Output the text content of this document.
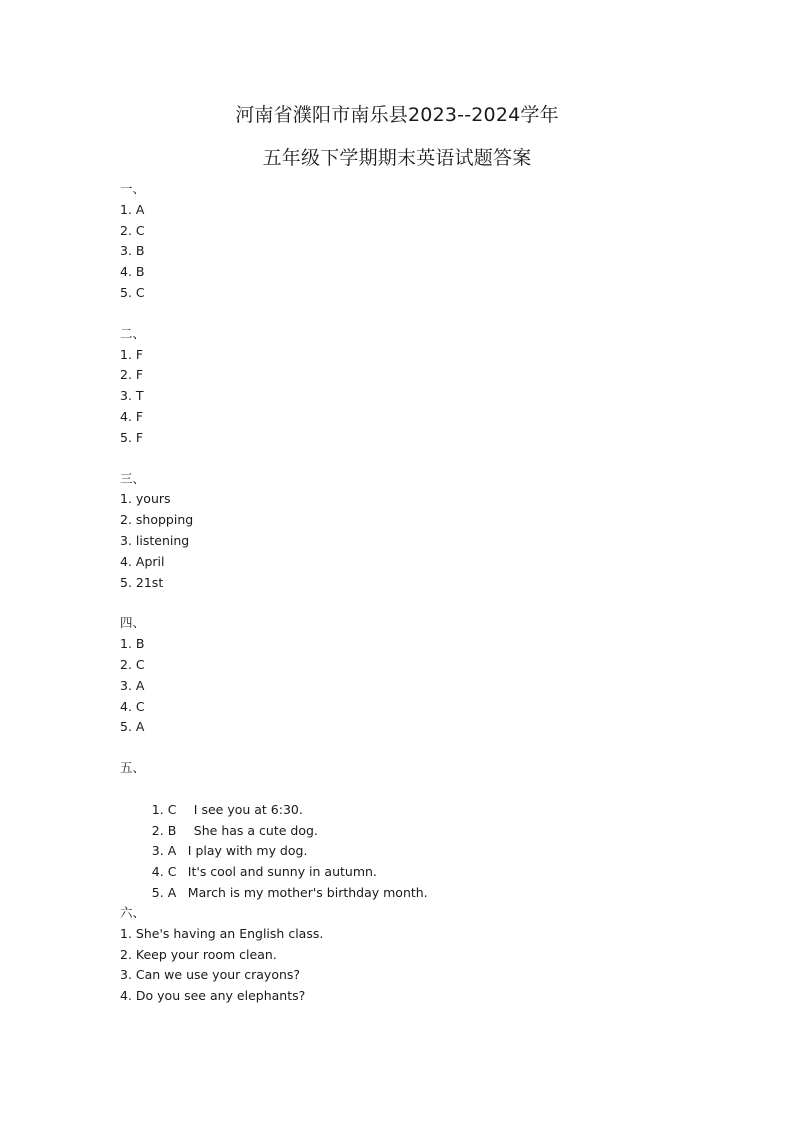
河南省濮阳市南乐县2023--2024学年
五年级下学期期末英语试题答案
一、
1. A
2. C
3. B
4. B
5. C
二、
1. F
2. F
3. T
4. F
5. F
三、
1. yours
2. shopping
3. listening
4. April
5. 21st
四、
1. B
2. C
3. A
4. C
5. A
五、

1. C I see you at 6:30.

2. B She has a cute dog.

3. A I play with my dog.

4. C It's cool and sunny in autumn.

5. A March is my mother's birthday month.

六、
1. She's having an English class.
2. Keep your room clean.
3. Can we use your crayons?
4. Do you see any elephants?
